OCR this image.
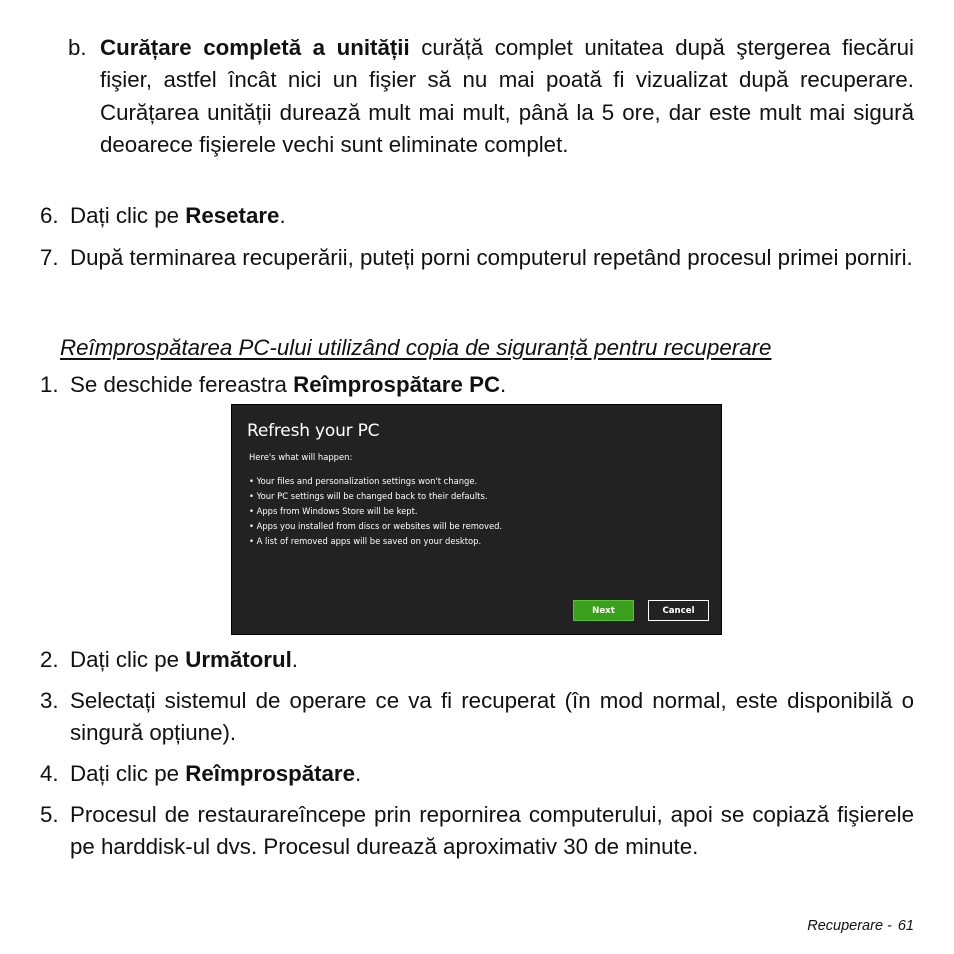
b. Curățare completă a unității curăță complet unitatea după ştergerea fiecărui fişier, astfel încât nici un fişier să nu mai poată fi vizualizat după recuperare. Curățarea unității durează mult mai mult, până la 5 ore, dar este mult mai sigură deoarece fişierele vechi sunt eliminate complet.
6. Dați clic pe Resetare.
7. După terminarea recuperării, puteți porni computerul repetând procesul primei porniri.
Reîmprospătarea PC-ului utilizând copia de siguranță pentru recuperare
1. Se deschide fereastra Reîmprospătare PC.
Refresh your PC
Here's what will happen:
• Your files and personalization settings won't change.
• Your PC settings will be changed back to their defaults.
• Apps from Windows Store will be kept.
• Apps you installed from discs or websites will be removed.
• A list of removed apps will be saved on your desktop.
Next	Cancel
2. Dați clic pe Următorul.
3. Selectați sistemul de operare ce va fi recuperat (în mod normal, este disponibilă o singură opțiune).
4. Dați clic pe Reîmprospătare.
5. Procesul de restaurareîncepe prin repornirea computerului, apoi se copiază fişierele pe harddisk-ul dvs. Procesul durează aproximativ 30 de minute.
Recuperare - 61
